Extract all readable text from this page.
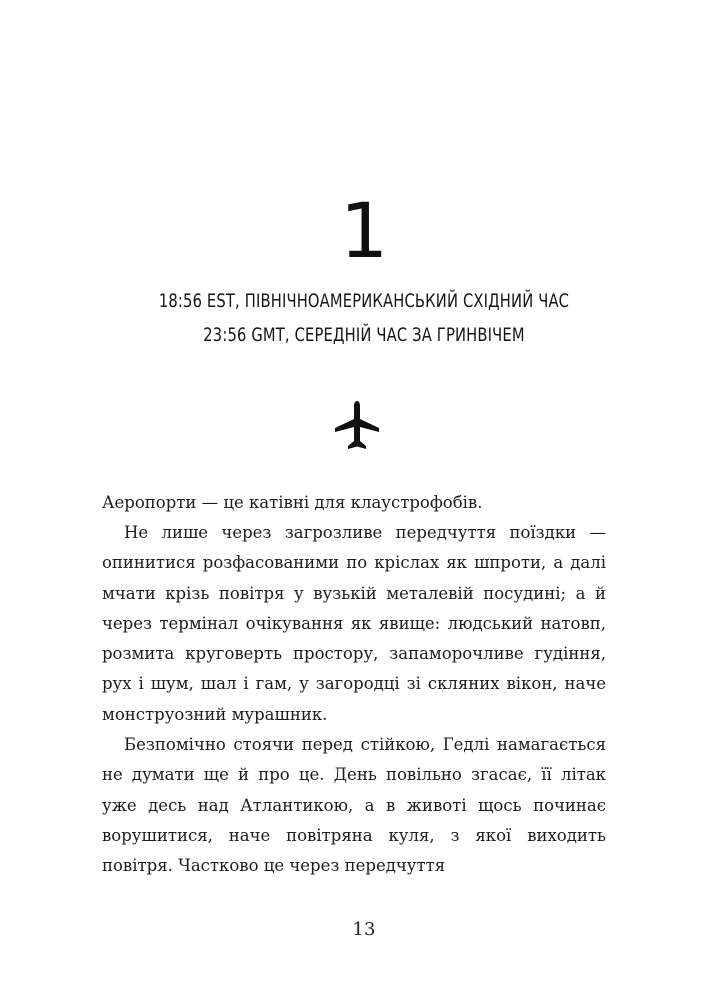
1
18:56 EST, ПІВНІЧНОАМЕРИКАНСЬКИЙ СХІДНИЙ ЧАС
23:56 GMT, СЕРЕДНІЙ ЧАС ЗА ГРИНВІЧЕМ

Аеропорти — це катівні для клаустрофобів.

Не лише через загрозливе передчуття поїздки — опинитися розфасованими по кріслах як шпроти, а далі мчати крізь повітря у вузькій металевій посудині; а й через термінал очікування як явище: людський натовп, розмита круговерть простору, запаморочливе гудіння, рух і шум, шал і гам, у загородці зі скляних вікон, наче монструозний мурашник.

Безпомічно стоячи перед стійкою, Гедлі намагається не думати ще й про це. День повільно згасає, її літак уже десь над Атлантикою, а в животі щось починає ворушитися, наче повітряна куля, з якої виходить повітря. Частково це через передчуття

13
